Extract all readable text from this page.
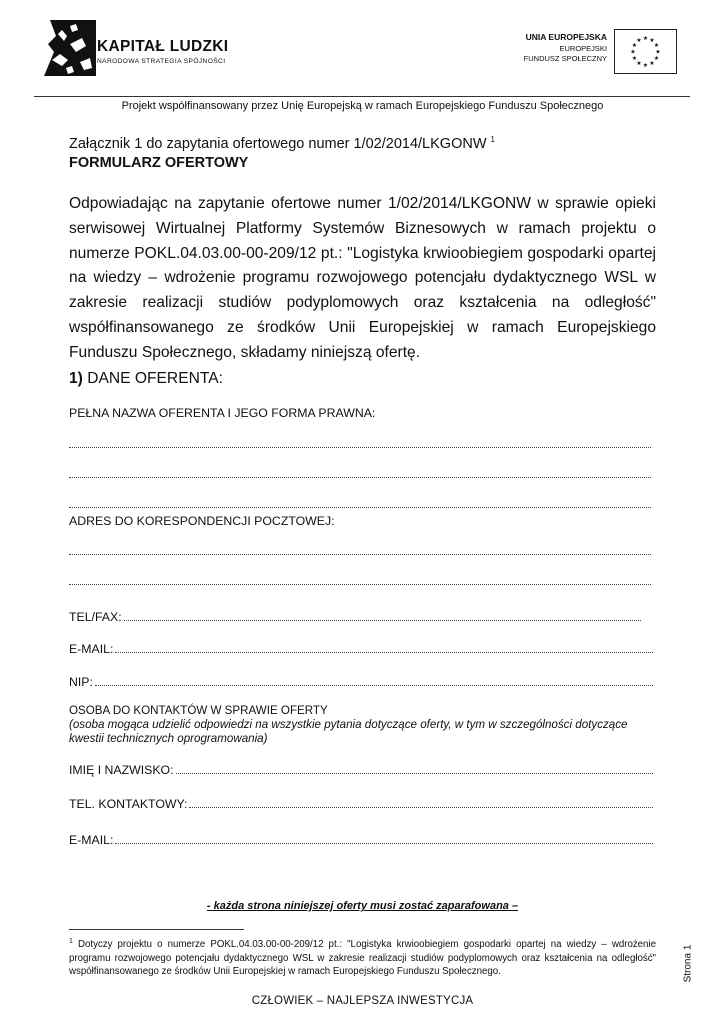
KAPITAŁ LUDZKI
NARODOWA STRATEGIA SPÓJNOŚCI
UNIA EUROPEJSKA
EUROPEJSKI
FUNDUSZ SPOŁECZNY
★ ★
★
★
★
★
★
★
★
★
★
★
Projekt współfinansowany przez Unię Europejską w ramach Europejskiego Funduszu Społecznego
Załącznik 1 do zapytania ofertowego numer 1/02/2014/LKGONW $^1$
FORMULARZ OFERTOWY
Odpowiadając na zapytanie ofertowe numer 1/02/2014/LKGONW w sprawie opieki serwisowej Wirtualnej Platformy Systemów Biznesowych w ramach projektu o numerze POKL.04.03.00-00-209/12 pt.: "Logistyka krwioobiegiem gospodarki opartej na wiedzy – wdrożenie programu rozwojowego potencjału dydaktycznego WSL w zakresie realizacji studiów podyplomowych oraz kształcenia na odległość" współfinansowanego ze środków Unii Europejskiej w ramach Europejskiego Funduszu Społecznego, składamy niniejszą ofertę.
1) DANE OFERENTA:
PEŁNA NAZWA OFERENTA I JEGO FORMA PRAWNA:
ADRES DO KORESPONDENCJI POCZTOWEJ:
TEL/FAX:
E-MAIL:
NIP:
OSOBA DO KONTAKTÓW W SPRAWIE OFERTY
(osoba mogąca udzielić odpowiedzi na wszystkie pytania dotyczące oferty, w tym w szczególności dotyczące kwestii technicznych oprogramowania)
IMIĘ I NAZWISKO:
TEL. KONTAKTOWY:
E-MAIL:
- każda strona niniejszej oferty musi zostać zaparafowana –
$^1$ Dotyczy projektu o numerze POKL.04.03.00-00-209/12 pt.: "Logistyka krwioobiegiem gospodarki opartej na wiedzy – wdrożenie programu rozwojowego potencjału dydaktycznego WSL w zakresie realizacji studiów podyplomowych oraz kształcenia na odległość" współfinansowanego ze środków Unii Europejskiej w ramach Europejskiego Funduszu Społecznego.	Strona 1
CZŁOWIEK – NAJLEPSZA INWESTYCJA
